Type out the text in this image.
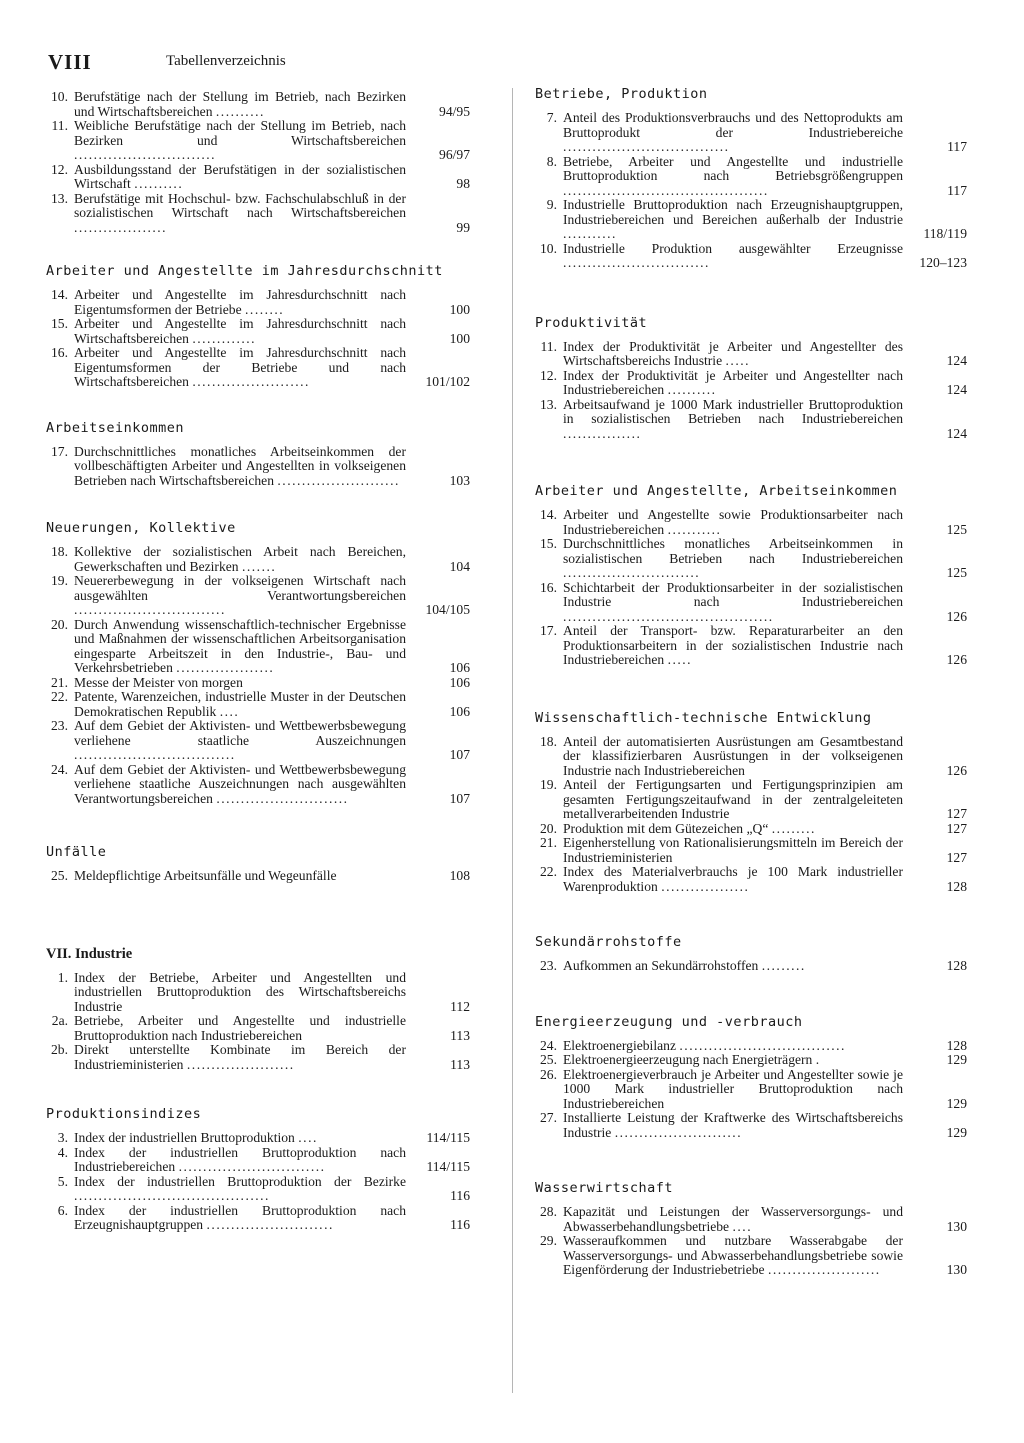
VIII	Tabellenverzeichnis
10. Berufstätige nach der Stellung im Betrieb, nach Bezirken und Wirtschaftsbereichen ..........	94/95
11. Weibliche Berufstätige nach der Stellung im Betrieb, nach Bezirken und Wirtschaftsbereichen .............................	96/97
12. Ausbildungsstand der Berufstätigen in der sozialistischen Wirtschaft ..........	98
13. Berufstätige mit Hochschul- bzw. Fachschulabschluß in der sozialistischen Wirtschaft nach Wirtschaftsbereichen ...................	99
Arbeiter und Angestellte im Jahresdurchschnitt
14. Arbeiter und Angestellte im Jahresdurchschnitt nach Eigentumsformen der Betriebe ........	100
15. Arbeiter und Angestellte im Jahresdurchschnitt nach Wirtschaftsbereichen .............	100
16. Arbeiter und Angestellte im Jahresdurchschnitt nach Eigentumsformen der Betriebe und nach Wirtschaftsbereichen ........................	101/102
Arbeitseinkommen
17. Durchschnittliches monatliches Arbeitseinkommen der vollbeschäftigten Arbeiter und Angestellten in volkseigenen Betrieben nach Wirtschaftsbereichen .........................	103
Neuerungen, Kollektive
18. Kollektive der sozialistischen Arbeit nach Bereichen, Gewerkschaften und Bezirken .......	104
19. Neuererbewegung in der volkseigenen Wirtschaft nach ausgewählten Verantwortungsbereichen ...............................	104/105
20. Durch Anwendung wissenschaftlich-technischer Ergebnisse und Maßnahmen der wissenschaftlichen Arbeitsorganisation eingesparte Arbeitszeit in den Industrie-, Bau- und Verkehrsbetrieben ....................	106
21. Messe der Meister von morgen	106
22. Patente, Warenzeichen, industrielle Muster in der Deutschen Demokratischen Republik ....	106
23. Auf dem Gebiet der Aktivisten- und Wettbewerbsbewegung verliehene staatliche Auszeichnungen .................................	107
24. Auf dem Gebiet der Aktivisten- und Wettbewerbsbewegung verliehene staatliche Auszeichnungen nach ausgewählten Verantwortungsbereichen ...........................	107
Unfälle
25. Meldepflichtige Arbeitsunfälle und Wegeunfälle	108
VII. Industrie
1. Index der Betriebe, Arbeiter und Angestellten und industriellen Bruttoproduktion des Wirtschaftsbereichs Industrie	112
2a. Betriebe, Arbeiter und Angestellte und industrielle Bruttoproduktion nach Industriebereichen	113
2b. Direkt unterstellte Kombinate im Bereich der Industrieministerien ......................	113
Produktionsindizes
3. Index der industriellen Bruttoproduktion ....	114/115
4. Index der industriellen Bruttoproduktion nach Industriebereichen ..............................	114/115
5. Index der industriellen Bruttoproduktion der Bezirke ........................................	116
6. Index der industriellen Bruttoproduktion nach Erzeugnishauptgruppen ..........................	116
Betriebe, Produktion
7. Anteil des Produktionsverbrauchs und des Nettoprodukts am Bruttoprodukt der Industriebereiche ..................................	117
8. Betriebe, Arbeiter und Angestellte und industrielle Bruttoproduktion nach Betriebsgrößengruppen ..........................................	117
9. Industrielle Bruttoproduktion nach Erzeugnishauptgruppen, Industriebereichen und Bereichen außerhalb der Industrie ...........	118/119
10. Industrielle Produktion ausgewählter Erzeugnisse ..............................	120–123
Produktivität
11. Index der Produktivität je Arbeiter und Angestellter des Wirtschaftsbereichs Industrie .....	124
12. Index der Produktivität je Arbeiter und Angestellter nach Industriebereichen ..........	124
13. Arbeitsaufwand je 1000 Mark industrieller Bruttoproduktion in sozialistischen Betrieben nach Industriebereichen ................	124
Arbeiter und Angestellte, Arbeitseinkommen
14. Arbeiter und Angestellte sowie Produktionsarbeiter nach Industriebereichen ...........	125
15. Durchschnittliches monatliches Arbeitseinkommen in sozialistischen Betrieben nach Industriebereichen ............................	125
16. Schichtarbeit der Produktionsarbeiter in der sozialistischen Industrie nach Industriebereichen ...........................................	126
17. Anteil der Transport- bzw. Reparaturarbeiter an den Produktionsarbeitern in der sozialistischen Industrie nach Industriebereichen .....	126
Wissenschaftlich-technische Entwicklung
18. Anteil der automatisierten Ausrüstungen am Gesamtbestand der klassifizierbaren Ausrüstungen in der volkseigenen Industrie nach Industriebereichen	126
19. Anteil der Fertigungsarten und Fertigungsprinzipien am gesamten Fertigungszeitaufwand in der zentralgeleiteten metallverarbeitenden Industrie	127
20. Produktion mit dem Gütezeichen „Q“ .........	127
21. Eigenherstellung von Rationalisierungsmitteln im Bereich der Industrieministerien	127
22. Index des Materialverbrauchs je 100 Mark industrieller Warenproduktion ..................	128
Sekundärrohstoffe
23. Aufkommen an Sekundärrohstoffen .........	128
Energieerzeugung und -verbrauch
24. Elektroenergiebilanz ..................................	128
25. Elektroenergieerzeugung nach Energieträgern .	129
26. Elektroenergieverbrauch je Arbeiter und Angestellter sowie je 1000 Mark industrieller Bruttoproduktion nach Industriebereichen	129
27. Installierte Leistung der Kraftwerke des Wirtschaftsbereichs Industrie ..........................	129
Wasserwirtschaft
28. Kapazität und Leistungen der Wasserversorgungs- und Abwasserbehandlungsbetriebe ....	130
29. Wasseraufkommen und nutzbare Wasserabgabe der Wasserversorgungs- und Abwasserbehandlungsbetriebe sowie Eigenförderung der Industriebetriebe .......................	130
